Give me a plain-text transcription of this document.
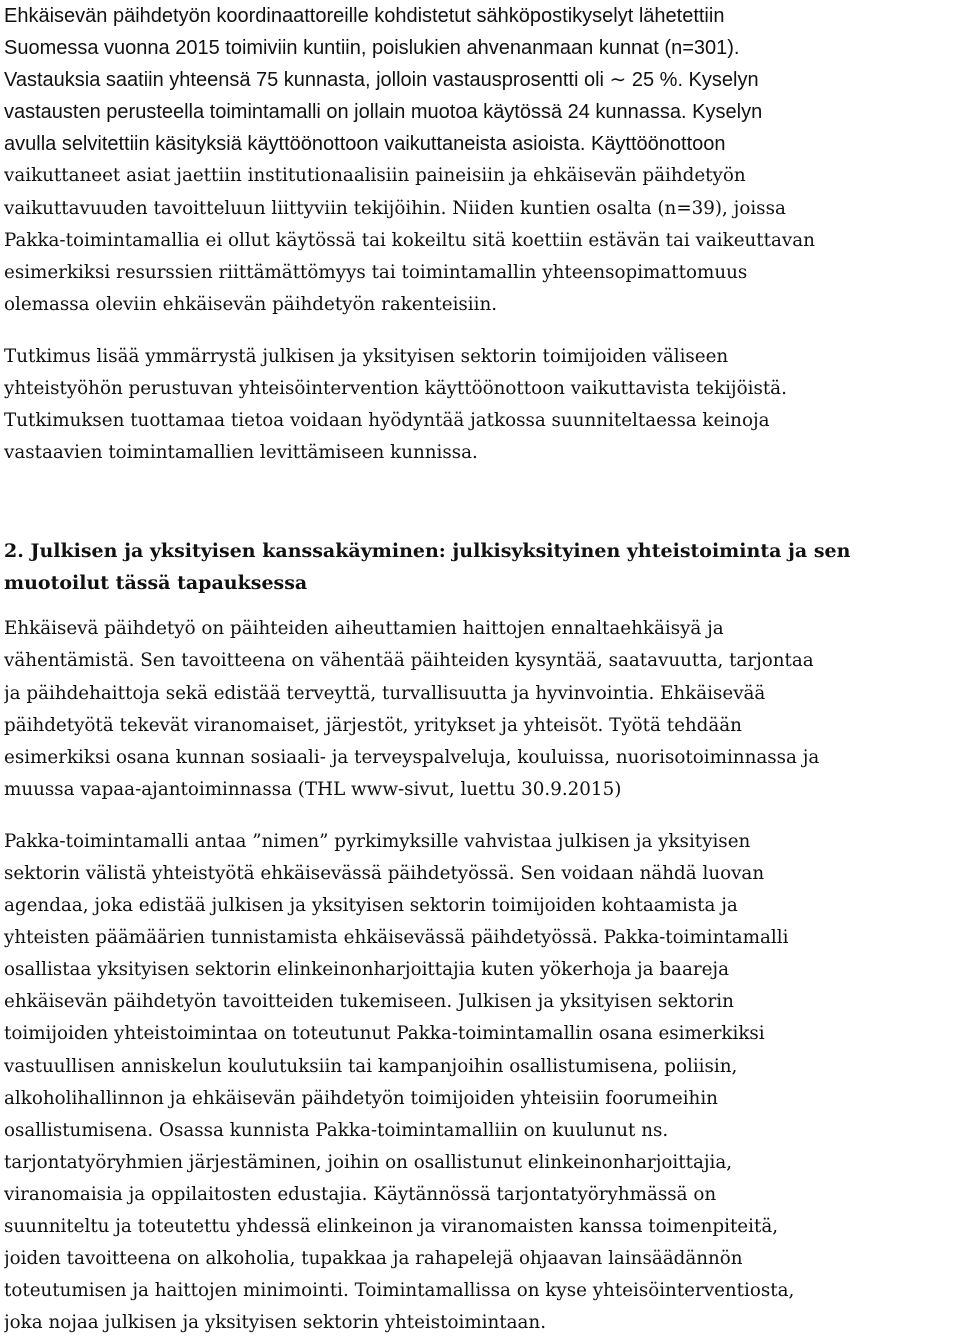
Ehkäisevän päihdetyön koordinaattoreille kohdistetut sähköpostikyselyt lähetettiin
Suomessa vuonna 2015 toimiviin kuntiin, poislukien ahvenanmaan kunnat (n=301).
Vastauksia saatiin yhteensä 75 kunnasta, jolloin vastausprosentti oli ∼ 25 %. Kyselyn
vastausten perusteella toimintamalli on jollain muotoa käytössä 24 kunnassa. Kyselyn
avulla selvitettiin käsityksiä käyttöönottoon vaikuttaneista asioista. Käyttöönottoon
vaikuttaneet asiat jaettiin institutionaalisiin paineisiin ja ehkäisevän päihdetyön
vaikuttavuuden tavoitteluun liittyviin tekijöihin. Niiden kuntien osalta (n=39), joissa
Pakka-toimintamallia ei ollut käytössä tai kokeiltu sitä koettiin estävän tai vaikeuttavan
esimerkiksi resurssien riittämättömyys tai toimintamallin yhteensopimattomuus
olemassa oleviin ehkäisevän päihdetyön rakenteisiin.
Tutkimus lisää ymmärrystä julkisen ja yksityisen sektorin toimijoiden väliseen
yhteistyöhön perustuvan yhteisöintervention käyttöönottoon vaikuttavista tekijöistä.
Tutkimuksen tuottamaa tietoa voidaan hyödyntää jatkossa suunniteltaessa keinoja
vastaavien toimintamallien levittämiseen kunnissa.
2. Julkisen ja yksityisen kanssakäyminen: julkisyksityinen yhteistoiminta ja sen
muotoilut tässä tapauksessa
Ehkäisevä päihdetyö on päihteiden aiheuttamien haittojen ennaltaehkäisyä ja
vähentämistä. Sen tavoitteena on vähentää päihteiden kysyntää, saatavuutta, tarjontaa
ja päihdehaittoja sekä edistää terveyttä, turvallisuutta ja hyvinvointia. Ehkäisevää
päihdetyötä tekevät viranomaiset, järjestöt, yritykset ja yhteisöt. Työtä tehdään
esimerkiksi osana kunnan sosiaali- ja terveyspalveluja, kouluissa, nuorisotoiminnassa ja
muussa vapaa-ajantoiminnassa (THL www-sivut, luettu 30.9.2015)
Pakka-toimintamalli antaa ”nimen” pyrkimyksille vahvistaa julkisen ja yksityisen
sektorin välistä yhteistyötä ehkäisevässä päihdetyössä. Sen voidaan nähdä luovan
agendaa, joka edistää julkisen ja yksityisen sektorin toimijoiden kohtaamista ja
yhteisten päämäärien tunnistamista ehkäisevässä päihdetyössä. Pakka-toimintamalli
osallistaa yksityisen sektorin elinkeinonharjoittajia kuten yökerhoja ja baareja
ehkäisevän päihdetyön tavoitteiden tukemiseen. Julkisen ja yksityisen sektorin
toimijoiden yhteistoimintaa on toteutunut Pakka-toimintamallin osana esimerkiksi
vastuullisen anniskelun koulutuksiin tai kampanjoihin osallistumisena, poliisin,
alkoholihallinnon ja ehkäisevän päihdetyön toimijoiden yhteisiin foorumeihin
osallistumisena. Osassa kunnista Pakka-toimintamalliin on kuulunut ns.
tarjontatyöryhmien järjestäminen, joihin on osallistunut elinkeinonharjoittajia,
viranomaisia ja oppilaitosten edustajia. Käytännössä tarjontatyöryhmässä on
suunniteltu ja toteutettu yhdessä elinkeinon ja viranomaisten kanssa toimenpiteitä,
joiden tavoitteena on alkoholia, tupakkaa ja rahapelejä ohjaavan lainsäädännön
toteutumisen ja haittojen minimointi. Toimintamallissa on kyse yhteisöinterventiosta,
joka nojaa julkisen ja yksityisen sektorin yhteistoimintaan.
